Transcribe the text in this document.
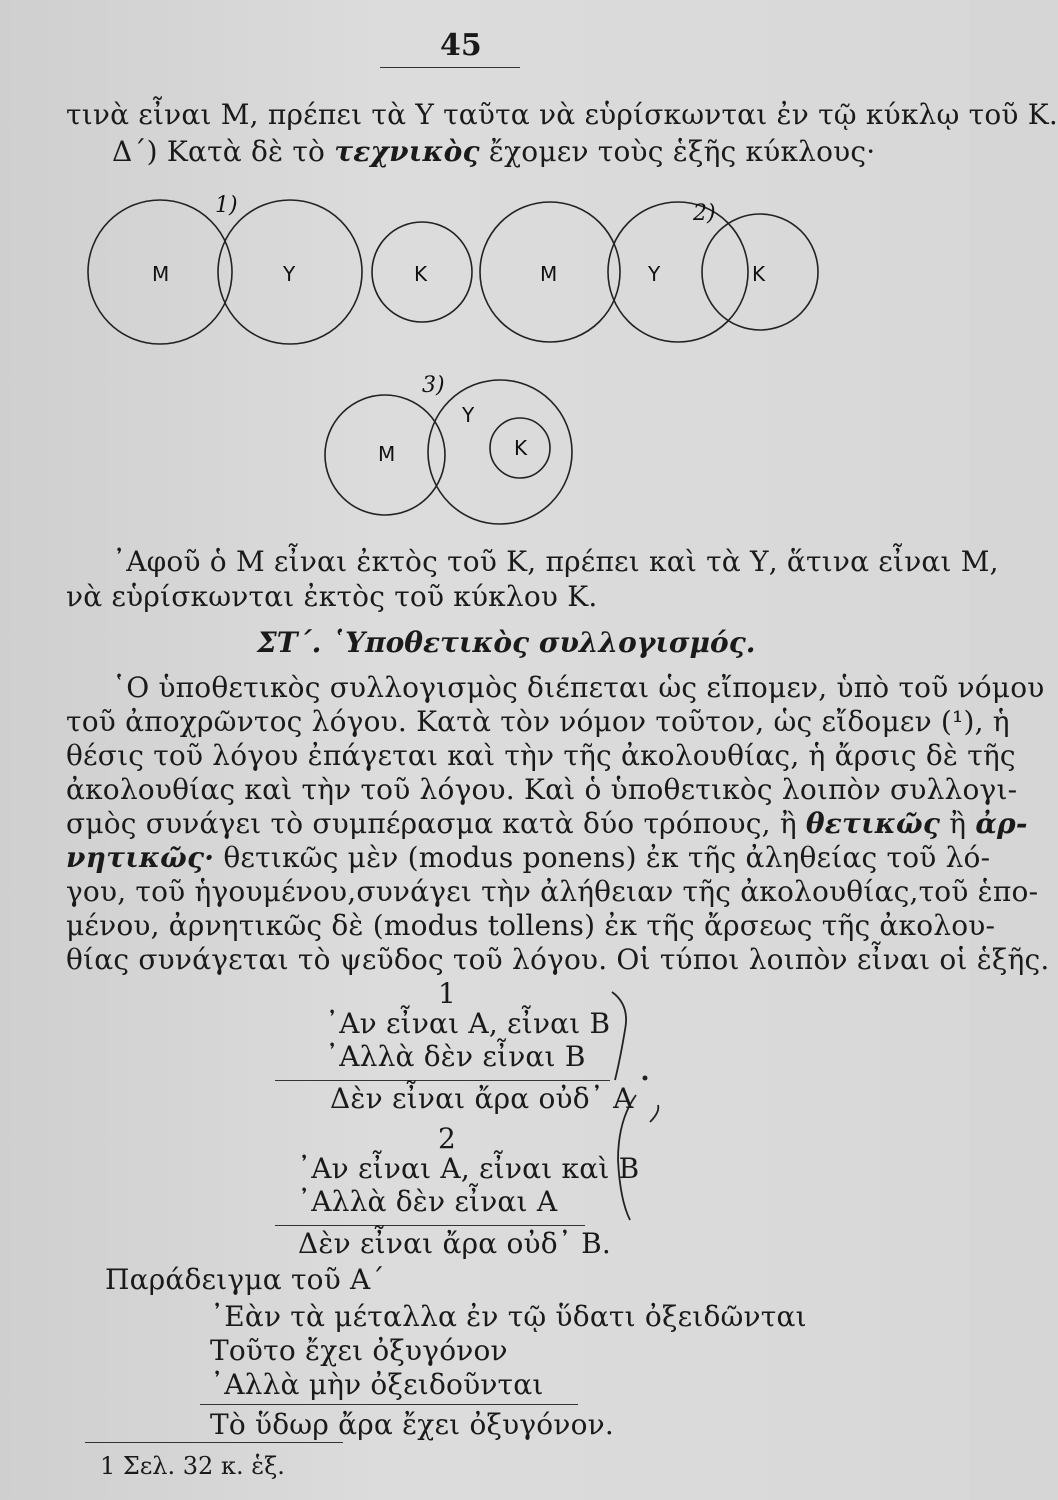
45
τινὰ εἶναι Μ, πρέπει τὰ Υ ταῦτα νὰ εὑρίσκωνται ἐν τῷ κύκλῳ τοῦ Κ.
Δ΄) Κατὰ δὲ τὸ τεχνικὸς ἔχομεν τοὺς ἑξῆς κύκλους·
M	Y	K	M	Y	K
M
Y
K
1)	2)
3)
᾿Αφοῦ ὁ Μ εἶναι ἐκτὸς τοῦ Κ, πρέπει καὶ τὰ Υ, ἅτινα εἶναι Μ,
νὰ εὑρίσκωνται ἐκτὸς τοῦ κύκλου Κ.
ΣΤ΄. ῾Υποθετικὸς συλλογισμός.
῾Ο ὑποθετικὸς συλλογισμὸς διέπεται ὡς εἴπομεν, ὑπὸ τοῦ νόμου
τοῦ ἀποχρῶντος λόγου. Κατὰ τὸν νόμον τοῦτον, ὡς εἴδομεν (¹), ἡ
θέσις τοῦ λόγου ἐπάγεται καὶ τὴν τῆς ἀκολουθίας, ἡ ἄρσις δὲ τῆς
ἀκολουθίας καὶ τὴν τοῦ λόγου. Καὶ ὁ ὑποθετικὸς λοιπὸν συλλογι-
σμὸς συνάγει τὸ συμπέρασμα κατὰ δύο τρόπους, ἢ θετικῶς ἢ ἀρ-
νητικῶς· θετικῶς μὲν (modus ponens) ἐκ τῆς ἀληθείας τοῦ λό-
γου, τοῦ ἡγουμένου,συνάγει τὴν ἀλήθειαν τῆς ἀκολουθίας,τοῦ ἑπο-
μένου, ἀρνητικῶς δὲ (modus tollens) ἐκ τῆς ἄρσεως τῆς ἀκολου-
θίας συνάγεται τὸ ψεῦδος τοῦ λόγου. Οἱ τύποι λοιπὸν εἶναι οἱ ἑξῆς.
1
᾿Αν εἶναι Α, εἶναι Β
᾿Αλλὰ δὲν εἶναι Β
Δὲν εἶναι ἄρα οὐδ᾿ Α
2
᾿Αν εἶναι Α, εἶναι καὶ Β
᾿Αλλὰ δὲν εἶναι Α
Δὲν εἶναι ἄρα οὐδ᾿ Β.
Παράδειγμα τοῦ Α΄
᾿Εὰν τὰ μέταλλα ἐν τῷ ὕδατι ὀξειδῶνται
Τοῦτο ἔχει ὀξυγόνον
᾿Αλλὰ μὴν ὀξειδοῦνται
Τὸ ὕδωρ ἄρα ἔχει ὀξυγόνον.
1 Σελ. 32 κ. ἑξ.
